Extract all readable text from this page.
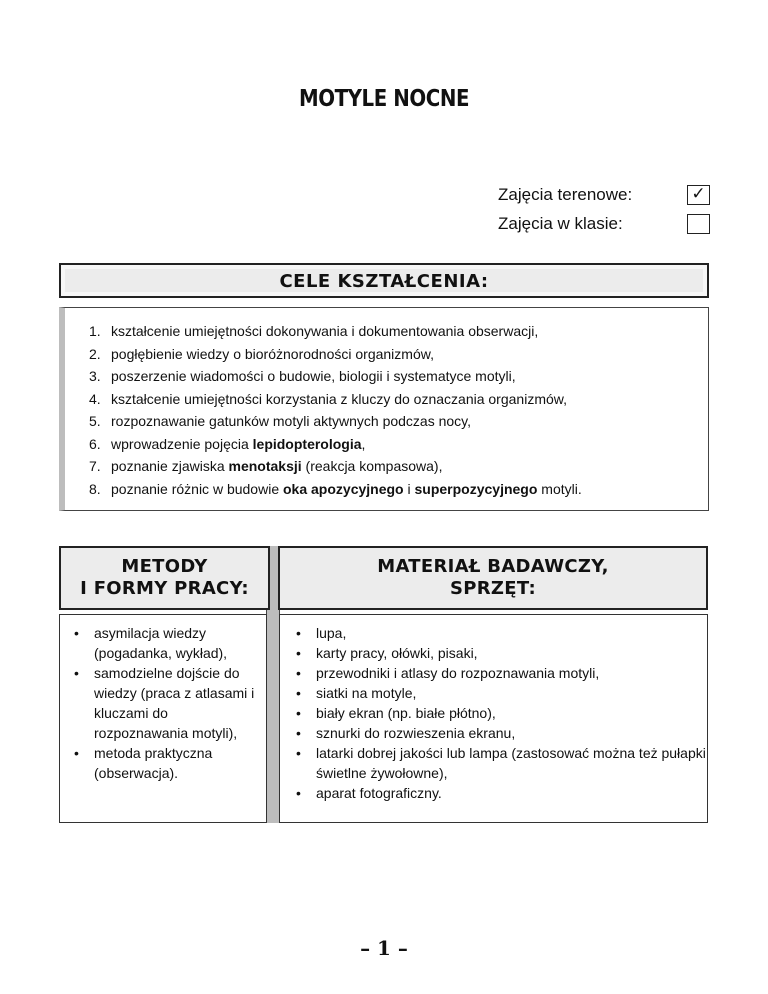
MOTYLE NOCNE
Zajęcia terenowe:	✓
Zajęcia w klasie:
CELE KSZTAŁCENIA:
1. kształcenie umiejętności dokonywania i dokumentowania obserwacji,
2. pogłębienie wiedzy o bioróżnorodności organizmów,
3. poszerzenie wiadomości o budowie, biologii i systematyce motyli,
4. kształcenie umiejętności korzystania z kluczy do oznaczania organizmów,
5. rozpoznawanie gatunków motyli aktywnych podczas nocy,
6. wprowadzenie pojęcia lepidopterologia,
7. poznanie zjawiska menotaksji (reakcja kompasowa),
8. poznanie różnic w budowie oka apozycyjnego i superpozycyjnego motyli.
METODY
I FORMY PRACY:
MATERIAŁ BADAWCZY,
SPRZĘT:
• asymilacja wiedzy (pogadanka, wykład),
• samodzielne dojście do wiedzy (praca z atlasami i kluczami do rozpoznawania motyli),
• metoda praktyczna (obserwacja).
• lupa,
• karty pracy, ołówki, pisaki,
• przewodniki i atlasy do rozpoznawania motyli,
• siatki na motyle,
• biały ekran (np. białe płótno),
• sznurki do rozwieszenia ekranu,
• latarki dobrej jakości lub lampa (zastosować można też pułapki świetlne żywołowne),
• aparat fotograficzny.
– 1 –
